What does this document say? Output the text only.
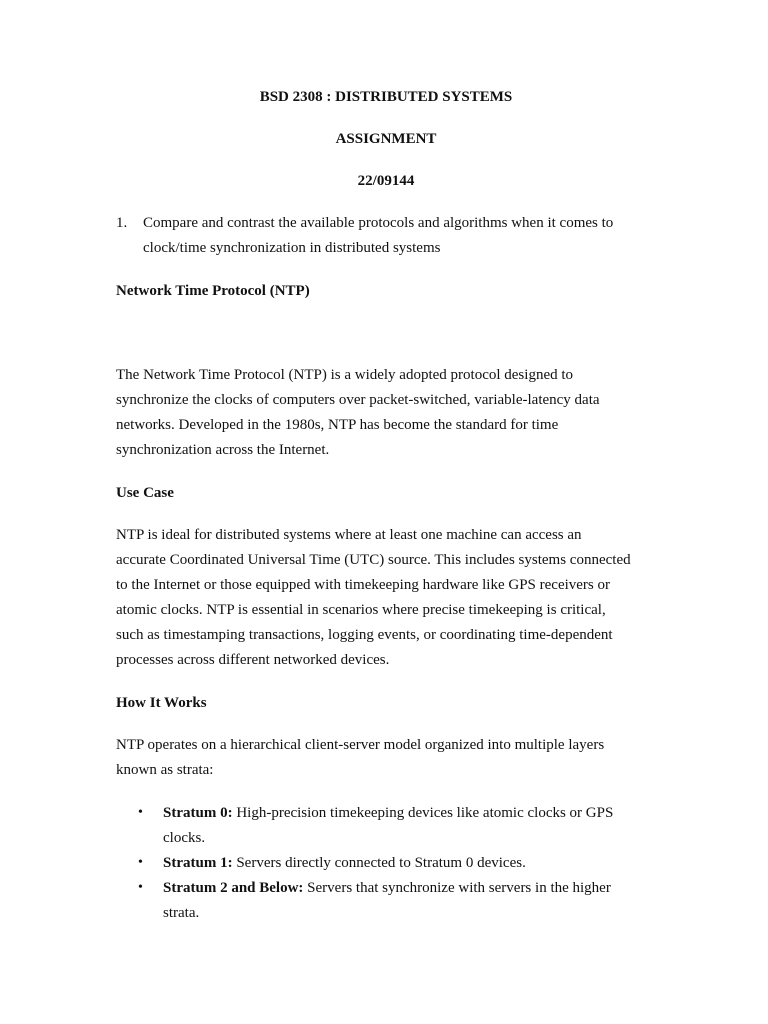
BSD 2308 : DISTRIBUTED SYSTEMS
ASSIGNMENT
22/09144
1. Compare and contrast the available protocols and algorithms when it comes to
clock/time synchronization in distributed systems
Network Time Protocol (NTP)
The Network Time Protocol (NTP) is a widely adopted protocol designed to
synchronize the clocks of computers over packet-switched, variable-latency data
networks. Developed in the 1980s, NTP has become the standard for time
synchronization across the Internet.
Use Case
NTP is ideal for distributed systems where at least one machine can access an
accurate Coordinated Universal Time (UTC) source. This includes systems connected
to the Internet or those equipped with timekeeping hardware like GPS receivers or
atomic clocks. NTP is essential in scenarios where precise timekeeping is critical,
such as timestamping transactions, logging events, or coordinating time-dependent
processes across different networked devices.
How It Works
NTP operates on a hierarchical client-server model organized into multiple layers
known as strata:
• Stratum 0: High-precision timekeeping devices like atomic clocks or GPS
clocks.
• Stratum 1: Servers directly connected to Stratum 0 devices.
• Stratum 2 and Below: Servers that synchronize with servers in the higher
strata.
